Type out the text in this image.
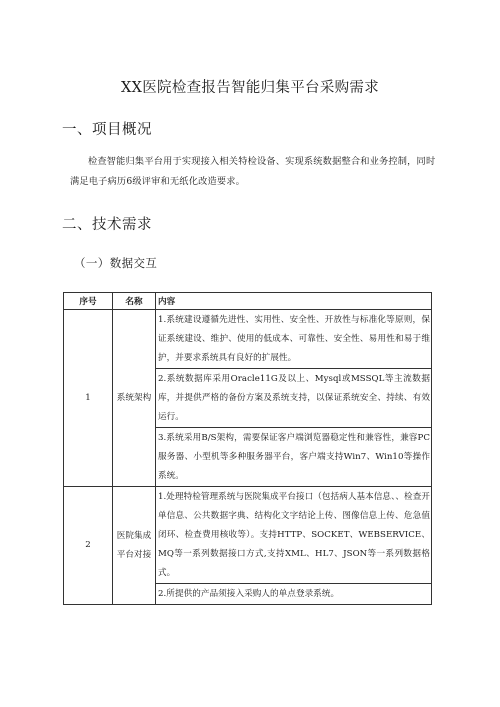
XX医院检查报告智能归集平台采购需求
一、项目概况
检查智能归集平台用于实现接入相关特检设备、实现系统数据整合和业务控制，同时满足电子病历6级评审和无纸化改造要求。
二、技术需求
（一）数据交互
序号	名称	内容
1	系统架构	1.系统建设遵循先进性、实用性、安全性、开放性与标准化等原则，保证系统建设、维护、使用的低成本、可靠性、安全性、易用性和易于维护，并要求系统具有良好的扩展性。
		2.系统数据库采用Oracle11G及以上、Mysql或MSSQL等主流数据库，并提供严格的备份方案及系统支持，以保证系统安全、持续、有效运行。
		3.系统采用B/S架构，需要保证客户端浏览器稳定性和兼容性，兼容PC服务器、小型机等多种服务器平台，客户端支持Win7、Win10等操作系统。
2	医院集成平台对接	1.处理特检管理系统与医院集成平台接口（包括病人基本信息、、检查开单信息、公共数据字典、结构化文字结论上传、图像信息上传、危急值闭环、检查费用核收等）。支持HTTP、SOCKET、WEBSERVICE、MQ等一系列数据接口方式,支持XML、HL7、JSON等一系列数据格式。
		2.所提供的产品须接入采购人的单点登录系统。
